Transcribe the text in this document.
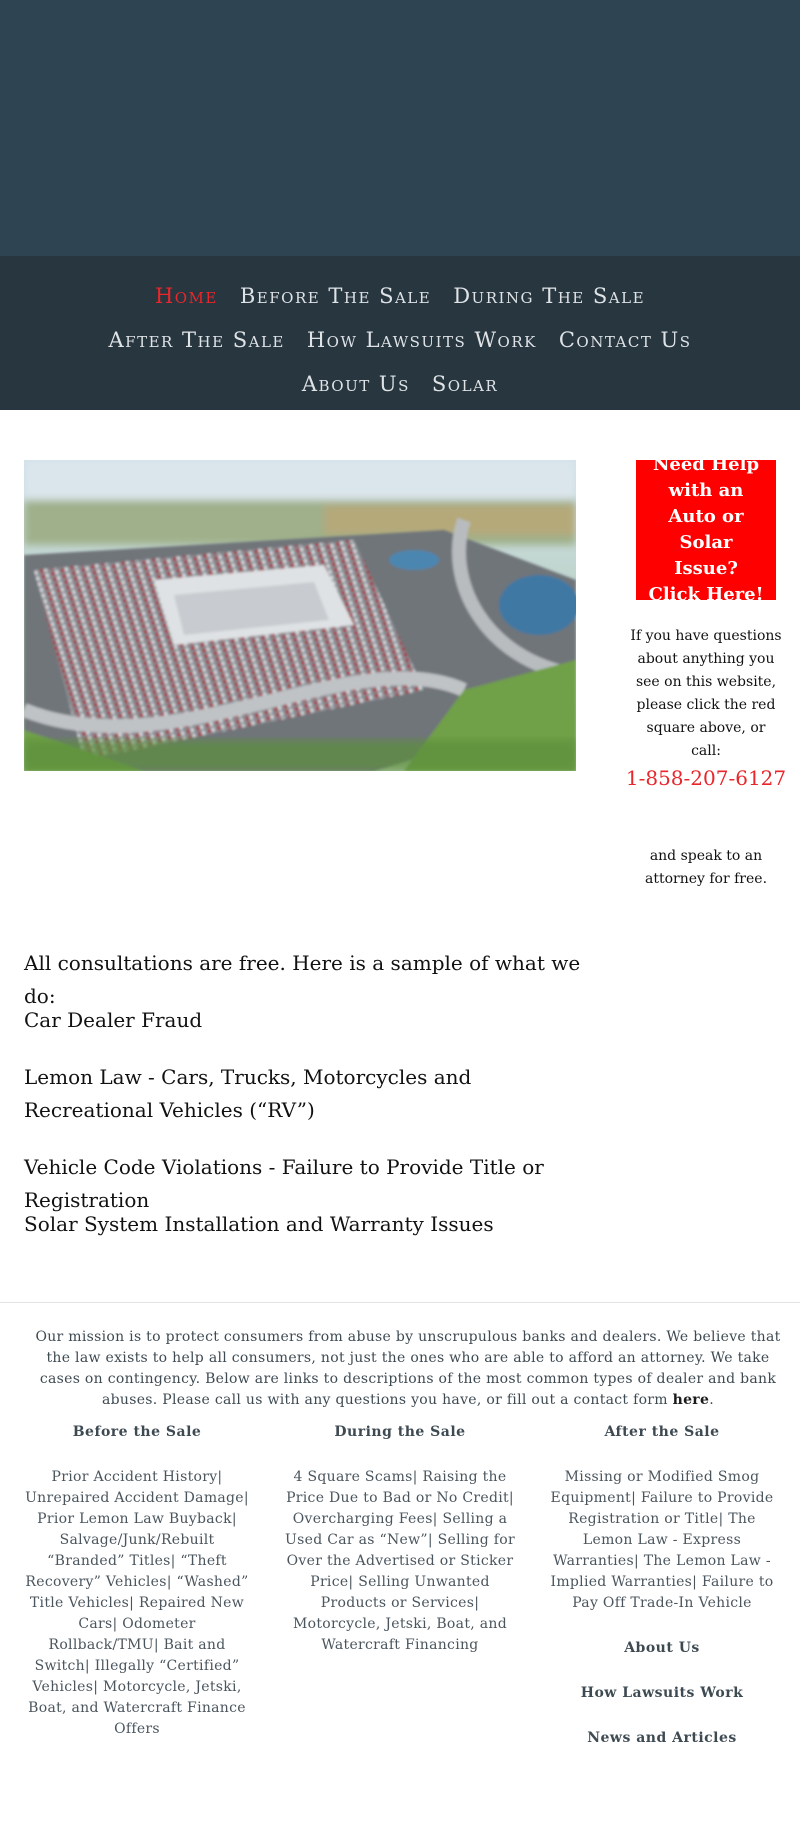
Home Before The Sale During The Sale
After The Sale How Lawsuits Work Contact Us
About Us Solar
Need Help with an Auto or Solar Issue? Click Here!

If you have questions about anything you see on this website, please click the red square above, or call:

1-858-207-6127

and speak to an attorney for free.

All consultations are free. Here is a sample of what we do:

Car Dealer Fraud

Lemon Law - Cars, Trucks, Motorcycles and Recreational Vehicles (“RV”)

Vehicle Code Violations - Failure to Provide Title or Registration

Solar System Installation and Warranty Issues

Our mission is to protect consumers from abuse by unscrupulous banks and dealers. We believe that the law exists to help all consumers, not just the ones who are able to afford an attorney. We take cases on contingency. Below are links to descriptions of the most common types of dealer and bank abuses. Please call us with any questions you have, or fill out a contact form here.

Before the Sale

Prior Accident History| Unrepaired Accident Damage| Prior Lemon Law Buyback| Salvage/Junk/Rebuilt “Branded” Titles| “Theft Recovery” Vehicles| “Washed” Title Vehicles| Repaired New Cars| Odometer Rollback/TMU| Bait and Switch| Illegally “Certified” Vehicles| Motorcycle, Jetski, Boat, and Watercraft Finance Offers

During the Sale

4 Square Scams| Raising the Price Due to Bad or No Credit| Overcharging Fees| Selling a Used Car as “New”| Selling for Over the Advertised or Sticker Price| Selling Unwanted Products or Services| Motorcycle, Jetski, Boat, and Watercraft Financing

After the Sale

Missing or Modified Smog Equipment| Failure to Provide Registration or Title| The Lemon Law - Express Warranties| The Lemon Law - Implied Warranties| Failure to Pay Off Trade-In Vehicle

About Us
How Lawsuits Work
News and Articles
